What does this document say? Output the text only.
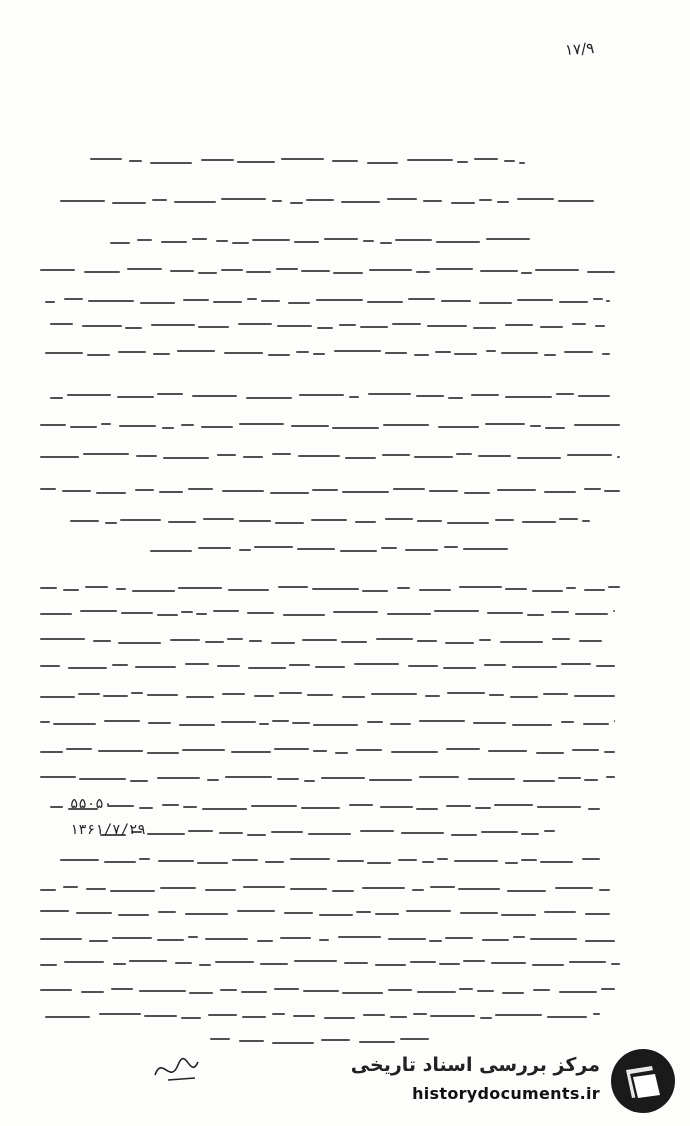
۱۷/۹
۵۵۰۵۰
۱۳۶۱/۷/۲۹
مرکز بررسی اسناد تاریخی
historydocuments.ir
